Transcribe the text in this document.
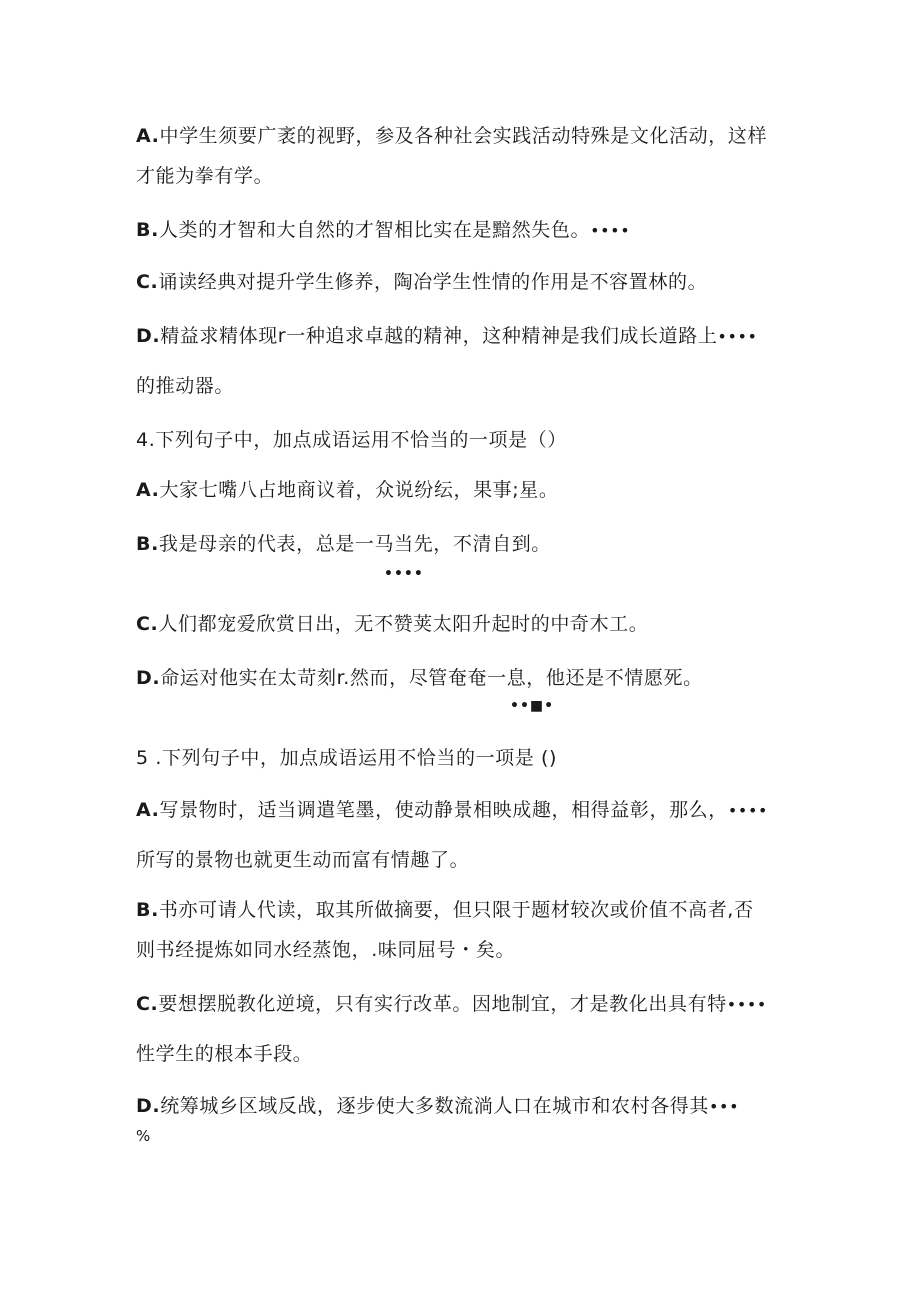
A.中学生须要广袤的视野，参及各种社会实践活动特殊是文化活动，这样
才能为拳有学。
B.人类的才智和大自然的才智相比实在是黯然失色。••••
C.诵读经典对提升学生修养，陶冶学生性情的作用是不容置林的。
D.精益求精体现r一种追求卓越的精神，这种精神是我们成长道路上••••
的推动器。
4.下列句子中，加点成语运用不恰当的一项是（）
A.大家七嘴八占地商议着，众说纷纭，果事;星。
B.我是母亲的代表，总是一马当先，不清自到。
••••
C.人们都宠爱欣赏日出，无不赞荚太阳升起时的中奇木工。
D.命运对他实在太苛刻r.然而，尽管奄奄一息，他还是不情愿死。
••■•
5 .下列句子中，加点成语运用不恰当的一项是 ()
A.写景物时，适当调遣笔墨，使动静景相映成趣，相得益彰，那么，••••
所写的景物也就更生动而富有情趣了。
B.书亦可请人代读，取其所做摘要，但只限于题材较次或价值不高者,否
则书经提炼如同水经蒸饱，.味同屈号・矣。
C.要想摆脱教化逆境，只有实行改革。因地制宜，才是教化出具有特••••
性学生的根本手段。
D.统筹城乡区域反战，逐步使大多数流淌人口在城市和农村各得其•••
%
